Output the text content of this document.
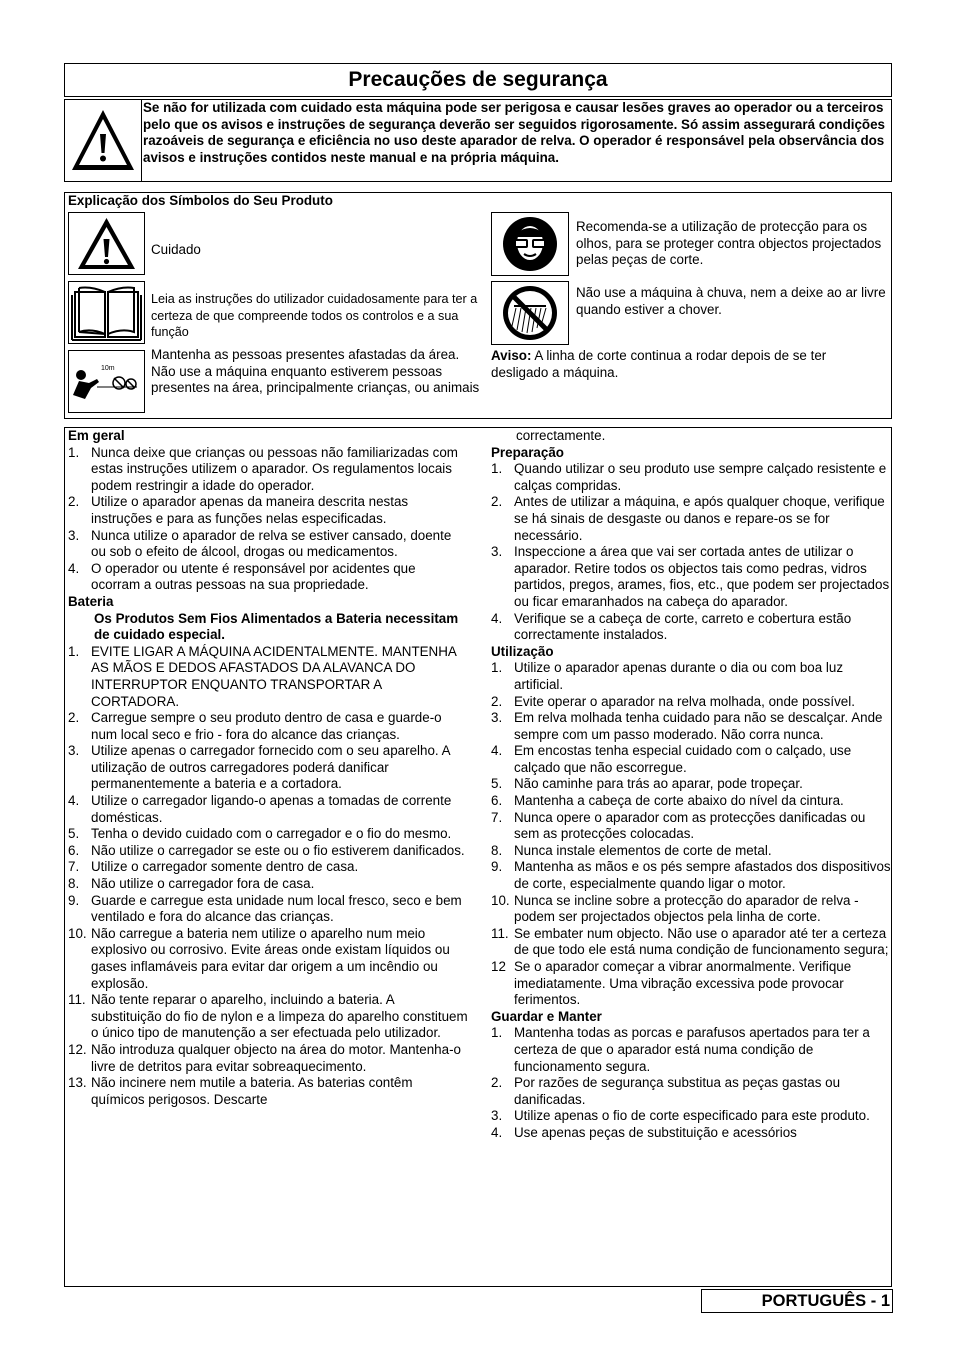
Precauções de segurança
Se não for utilizada com cuidado esta máquina pode ser perigosa e causar lesões graves ao operador ou a terceiros pelo que os avisos e instruções de segurança deverão ser seguidos rigorosamente. Só assim assegurará condições razoáveis de segurança e eficiência no uso deste aparador de relva. O operador é responsável pela observância dos avisos e instruções contidos neste manual e na própria máquina.
Explicação dos Símbolos do Seu Produto
Cuidado
Leia as instruções do utilizador cuidadosamente para ter a certeza de que compreende todos os controlos e a sua função
10m
Mantenha as pessoas presentes afastadas da área. Não use a máquina enquanto estiverem pessoas presentes na área, principalmente crianças, ou animais
Recomenda-se a utilização de protecção para os olhos, para se proteger contra objectos projectados pelas peças de corte.
Não use a máquina à chuva, nem a deixe ao ar livre quando estiver a chover.
Aviso: A linha de corte continua a rodar depois de se ter desligado a máquina.
Em geral
1. Nunca deixe que crianças ou pessoas não familiarizadas com estas instruções utilizem o aparador. Os regulamentos locais podem restringir a idade do operador.
2. Utilize o aparador apenas da maneira descrita nestas instruções e para as funções nelas especificadas.
3. Nunca utilize o aparador de relva se estiver cansado, doente ou sob o efeito de álcool, drogas ou medicamentos.
4. O operador ou utente é responsável por acidentes que ocorram a outras pessoas na sua propriedade.
Bateria
Os Produtos Sem Fios Alimentados a Bateria necessitam de cuidado especial.
1. EVITE LIGAR A MÁQUINA ACIDENTALMENTE. MANTENHA AS MÃOS E DEDOS AFASTADOS DA ALAVANCA DO INTERRUPTOR ENQUANTO TRANSPORTAR A CORTADORA.
2. Carregue sempre o seu produto dentro de casa e guarde-o num local seco e frio - fora do alcance das crianças.
3. Utilize apenas o carregador fornecido com o seu aparelho. A utilização de outros carregadores poderá danificar permanentemente a bateria e a cortadora.
4. Utilize o carregador ligando-o apenas a tomadas de corrente domésticas.
5. Tenha o devido cuidado com o carregador e o fio do mesmo.
6. Não utilize o carregador se este ou o fio estiverem danificados.
7. Utilize o carregador somente dentro de casa.
8. Não utilize o carregador fora de casa.
9. Guarde e carregue esta unidade num local fresco, seco e bem ventilado e fora do alcance das crianças.
10. Não carregue a bateria nem utilize o aparelho num meio explosivo ou corrosivo. Evite áreas onde existam líquidos ou gases inflamáveis para evitar dar origem a um incêndio ou explosão.
11. Não tente reparar o aparelho, incluindo a bateria. A substituição do fio de nylon e a limpeza do aparelho constituem o único tipo de manutenção a ser efectuada pelo utilizador.
12. Não introduza qualquer objecto na área do motor. Mantenha-o livre de detritos para evitar sobreaquecimento.
13. Não incinere nem mutile a bateria. As baterias contêm químicos perigosos. Descarte
correctamente.
Preparação
1. Quando utilizar o seu produto use sempre calçado resistente e calças compridas.
2. Antes de utilizar a máquina, e após qualquer choque, verifique se há sinais de desgaste ou danos e repare-os se for necessário.
3. Inspeccione a área que vai ser cortada antes de utilizar o aparador. Retire todos os objectos tais como pedras, vidros partidos, pregos, arames, fios, etc., que podem ser projectados ou ficar emaranhados na cabeça do aparador.
4. Verifique se a cabeça de corte, carreto e cobertura estão correctamente instalados.
Utilização
1. Utilize o aparador apenas durante o dia ou com boa luz artificial.
2. Evite operar o aparador na relva molhada, onde possível.
3. Em relva molhada tenha cuidado para não se descalçar. Ande sempre com um passo moderado. Não corra nunca.
4. Em encostas tenha especial cuidado com o calçado, use calçado que não escorregue.
5. Não caminhe para trás ao aparar, pode tropeçar.
6. Mantenha a cabeça de corte abaixo do nível da cintura.
7. Nunca opere o aparador com as protecções danificadas ou sem as protecções colocadas.
8. Nunca instale elementos de corte de metal.
9. Mantenha as mãos e os pés sempre afastados dos dispositivos de corte, especialmente quando ligar o motor.
10. Nunca se incline sobre a protecção do aparador de relva - podem ser projectados objectos pela linha de corte.
11. Se embater num objecto. Não use o aparador até ter a certeza de que todo ele está numa condição de funcionamento segura;
12 Se o aparador começar a vibrar anormalmente. Verifique imediatamente. Uma vibração excessiva pode provocar ferimentos.
Guardar e Manter
1. Mantenha todas as porcas e parafusos apertados para ter a certeza de que o aparador está numa condição de funcionamento segura.
2. Por razões de segurança substitua as peças gastas ou danificadas.
3. Utilize apenas o fio de corte especificado para este produto.
4. Use apenas peças de substituição e acessórios
PORTUGUÊS - 1
